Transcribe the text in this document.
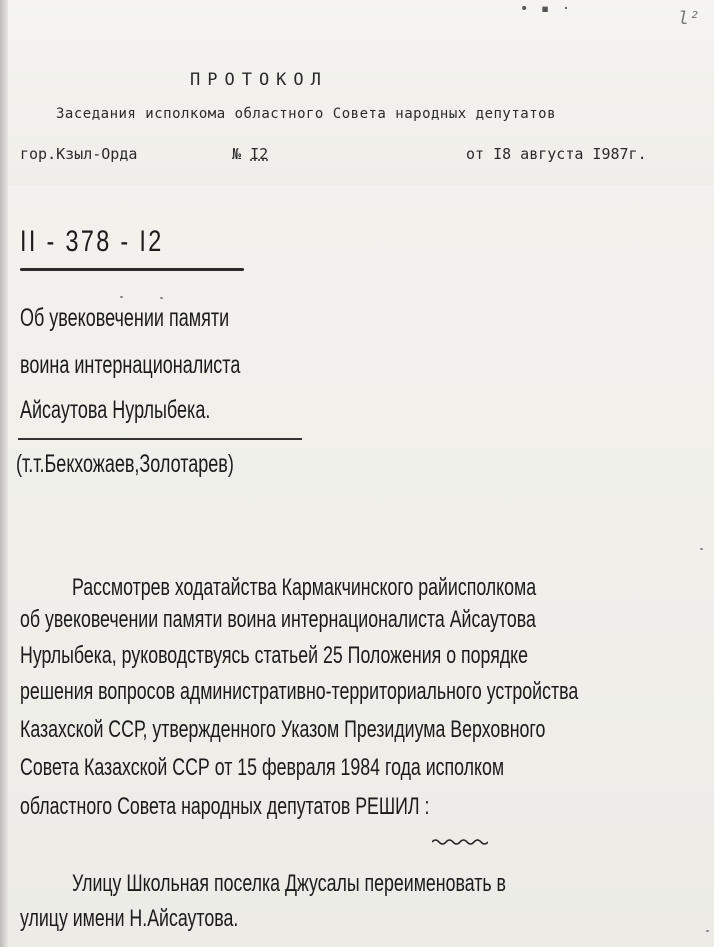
• ▪ ·	l²
ПРОТОКОЛ
Заседания исполкома областного Совета народных депутатов
гор.Кзыл-Орда	№ I2	от I8 августа I987г.
II - 378 - I2
Об увековечении памяти
воина интернационалиста
Айсаутова Нурлыбека.
(т.т.Бекхожаев,Золотарев)
Рассмотрев ходатайства Кармакчинского райисполкома
об увековечении памяти воина интернационалиста Айсаутова
Нурлыбека, руководствуясь статьей 25 Положения о порядке
решения вопросов административно-территориального устройства
Казахской ССР, утвержденного Указом Президиума Верховного
Совета Казахской ССР от 15 февраля 1984 года исполком
областного Совета народных депутатов РЕШИЛ :
Улицу Школьная поселка Джусалы переименовать в
улицу имени Н.Айсаутова.
